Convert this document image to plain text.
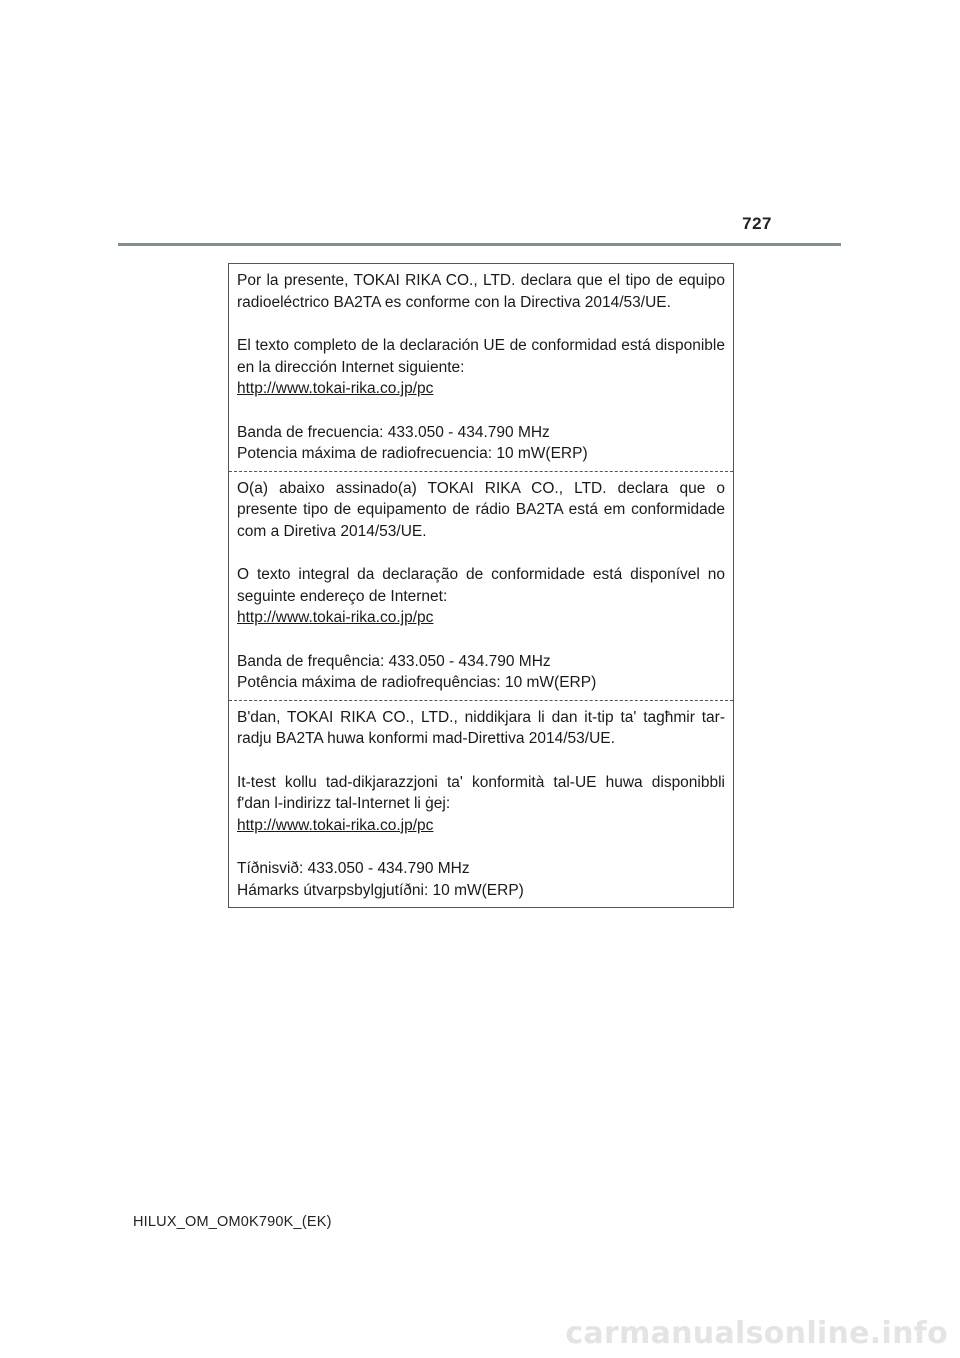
727

Por la presente, TOKAI RIKA CO., LTD. declara que el tipo de equipo radioeléctrico BA2TA es conforme con la Directiva 2014/53/UE.

El texto completo de la declaración UE de conformidad está disponible en la dirección Internet siguiente:

http://www.tokai-rika.co.jp/pc

Banda de frecuencia: 433.050 - 434.790 MHz

Potencia máxima de radiofrecuencia: 10 mW(ERP)

O(a) abaixo assinado(a) TOKAI RIKA CO., LTD. declara que o presente tipo de equipamento de rádio BA2TA está em conformidade com a Diretiva 2014/53/UE.

O texto integral da declaração de conformidade está disponível no seguinte endereço de Internet:

http://www.tokai-rika.co.jp/pc

Banda de frequência: 433.050 - 434.790 MHz

Potência máxima de radiofrequências: 10 mW(ERP)

B'dan, TOKAI RIKA CO., LTD., niddikjara li dan it-tip ta' tagħmir tar-radju BA2TA huwa konformi mad-Direttiva 2014/53/UE.

It-test kollu tad-dikjarazzjoni ta' konformità tal-UE huwa disponibbli f'dan l-indirizz tal-Internet li ġej:

http://www.tokai-rika.co.jp/pc

Tíðnisvið: 433.050 - 434.790 MHz

Hámarks útvarpsbylgjutíðni: 10 mW(ERP)

HILUX_OM_OM0K790K_(EK)
carmanualsonline.info
